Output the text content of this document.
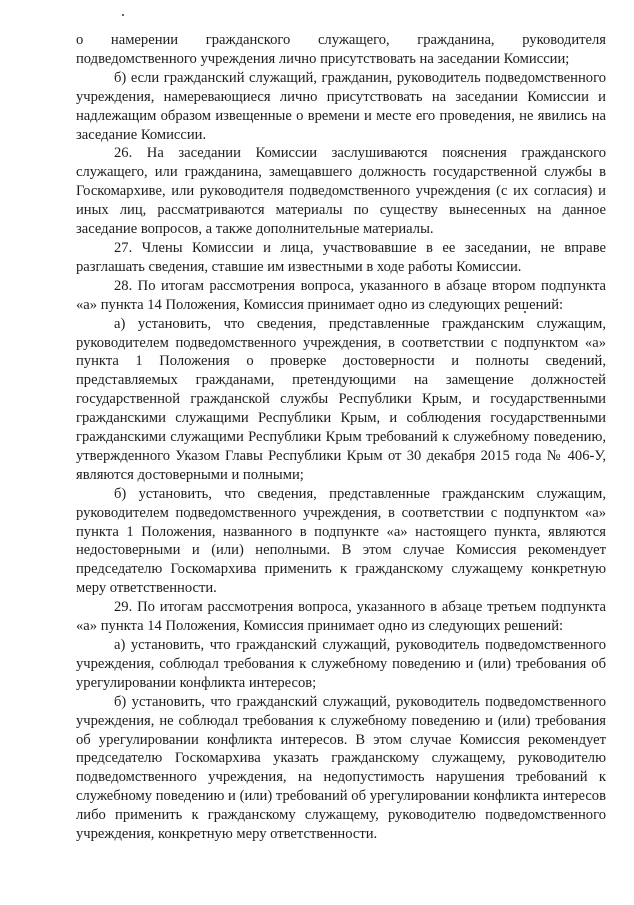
о намерении гражданского служащего, гражданина, руководителя подведомственного учреждения лично присутствовать на заседании Комиссии;

б) если гражданский служащий, гражданин, руководитель подведомственного учреждения, намеревающиеся лично присутствовать на заседании Комиссии и надлежащим образом извещенные о времени и месте его проведения, не явились на заседание Комиссии.

26. На заседании Комиссии заслушиваются пояснения гражданского служащего, или гражданина, замещавшего должность государственной службы в Госкомархиве, или руководителя подведомственного учреждения (с их согласия) и иных лиц, рассматриваются материалы по существу вынесенных на данное заседание вопросов, а также дополнительные материалы.

27. Члены Комиссии и лица, участвовавшие в ее заседании, не вправе разглашать сведения, ставшие им известными в ходе работы Комиссии.

28. По итогам рассмотрения вопроса, указанного в абзаце втором подпункта «а» пункта 14 Положения, Комиссия принимает одно из следующих решений:

а) установить, что сведения, представленные гражданским служащим, руководителем подведомственного учреждения, в соответствии с подпунктом «а» пункта 1 Положения о проверке достоверности и полноты сведений, представляемых гражданами, претендующими на замещение должностей государственной гражданской службы Республики Крым, и государственными гражданскими служащими Республики Крым, и соблюдения государственными гражданскими служащими Республики Крым требований к служебному поведению, утвержденного Указом Главы Республики Крым от 30 декабря 2015 года № 406-У, являются достоверными и полными;

б) установить, что сведения, представленные гражданским служащим, руководителем подведомственного учреждения, в соответствии с подпунктом «а» пункта 1 Положения, названного в подпункте «а» настоящего пункта, являются недостоверными и (или) неполными. В этом случае Комиссия рекомендует председателю Госкомархива применить к гражданскому служащему конкретную меру ответственности.

29. По итогам рассмотрения вопроса, указанного в абзаце третьем подпункта «а» пункта 14 Положения, Комиссия принимает одно из следующих решений:

а) установить, что гражданский служащий, руководитель подведомственного учреждения, соблюдал требования к служебному поведению и (или) требования об урегулировании конфликта интересов;

б) установить, что гражданский служащий, руководитель подведомственного учреждения, не соблюдал требования к служебному поведению и (или) требования об урегулировании конфликта интересов. В этом случае Комиссия рекомендует председателю Госкомархива указать гражданскому служащему, руководителю подведомственного учреждения, на недопустимость нарушения требований к служебному поведению и (или) требований об урегулировании конфликта интересов либо применить к гражданскому служащему, руководителю подведомственного учреждения, конкретную меру ответственности.
